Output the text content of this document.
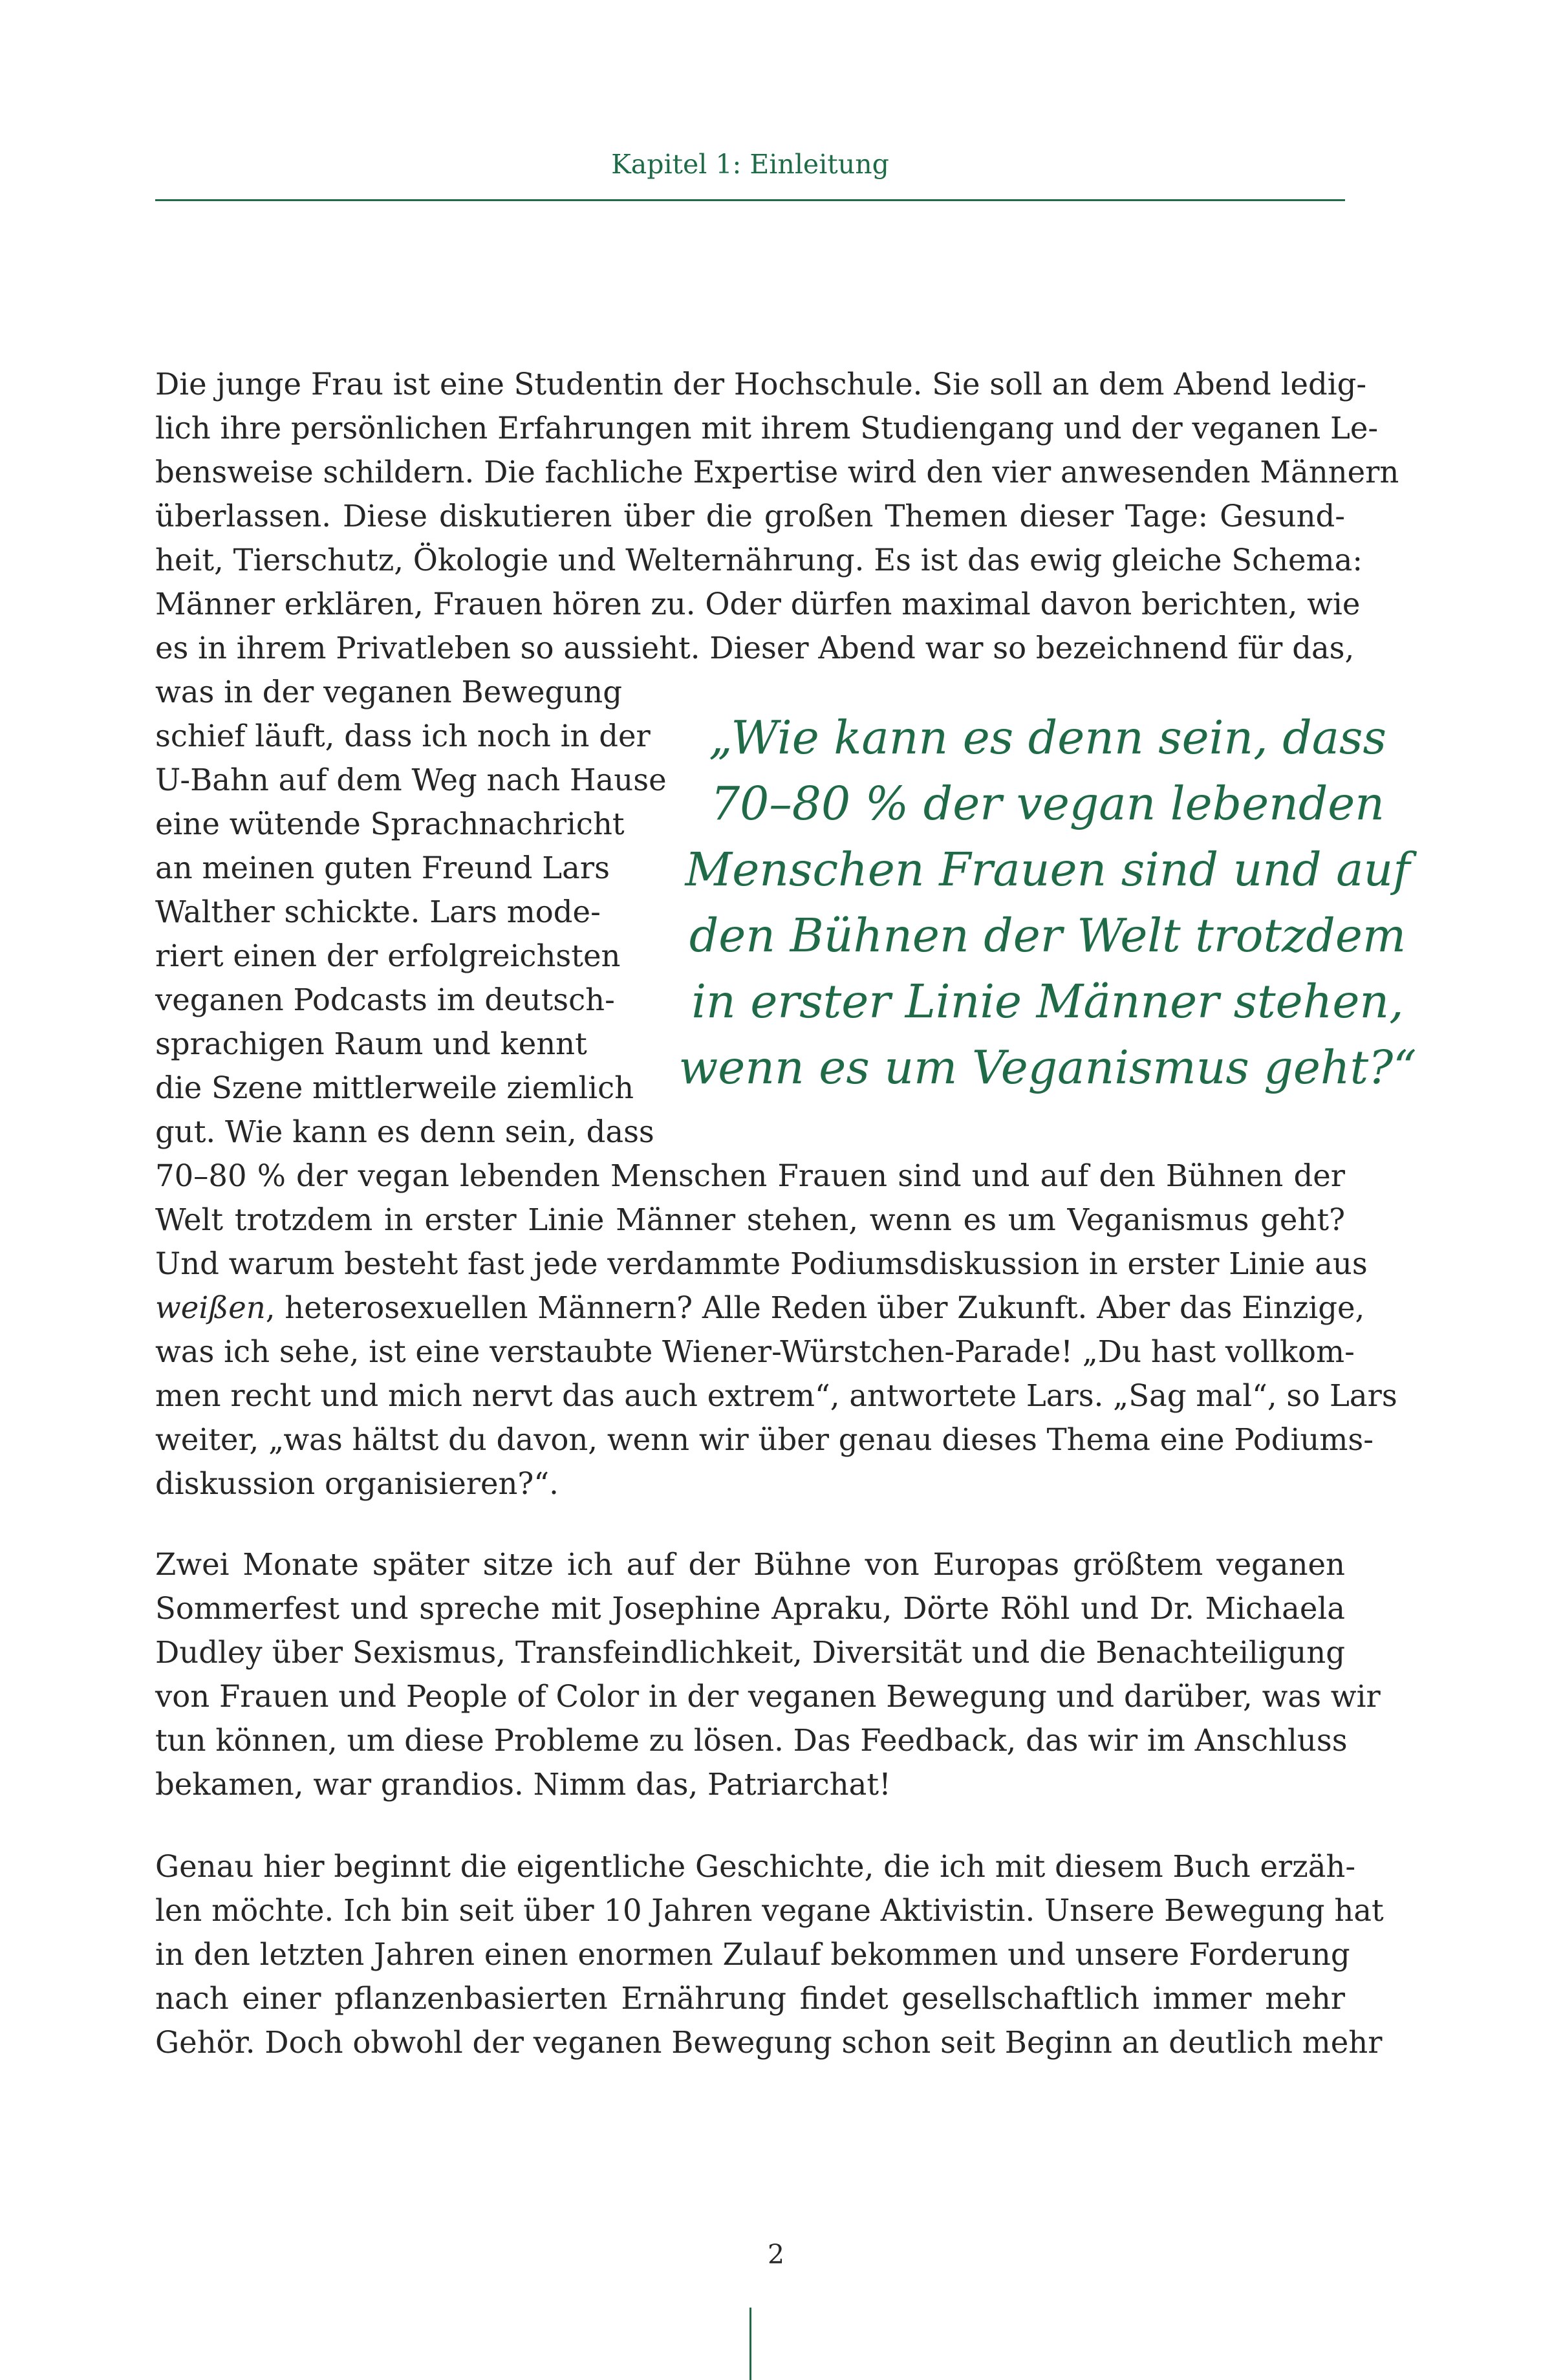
Kapitel 1: Einleitung
Die junge Frau ist eine Studentin der Hochschule. Sie soll an dem Abend ledig-
lich ihre persönlichen Erfahrungen mit ihrem Studiengang und der veganen Le-
bensweise schildern. Die fachliche Expertise wird den vier anwesenden Männern
überlassen. Diese diskutieren über die großen Themen dieser Tage: Gesund-
heit, Tierschutz, Ökologie und Welternährung. Es ist das ewig gleiche Schema:
Männer erklären, Frauen hören zu. Oder dürfen maximal davon berichten, wie
es in ihrem Privatleben so aussieht. Dieser Abend war so bezeichnend für das,
was in der veganen Bewegung
schief läuft, dass ich noch in der
U-Bahn auf dem Weg nach Hause
eine wütende Sprachnachricht
an meinen guten Freund Lars
Walther schickte. Lars mode-
riert einen der erfolgreichsten
veganen Podcasts im deutsch-
sprachigen Raum und kennt
die Szene mittlerweile ziemlich
gut. Wie kann es denn sein, dass
„Wie kann es denn sein, dass
70–80 % der vegan lebenden
Menschen Frauen sind und auf
den Bühnen der Welt trotzdem
in erster Linie Männer stehen,
wenn es um Veganismus geht?“
70–80 % der vegan lebenden Menschen Frauen sind und auf den Bühnen der
Welt trotzdem in erster Linie Männer stehen, wenn es um Veganismus geht?
Und warum besteht fast jede verdammte Podiumsdiskussion in erster Linie aus
weißen, heterosexuellen Männern? Alle Reden über Zukunft. Aber das Einzige,
was ich sehe, ist eine verstaubte Wiener-Würstchen-Parade! „Du hast vollkom-
men recht und mich nervt das auch extrem“, antwortete Lars. „Sag mal“, so Lars
weiter, „was hältst du davon, wenn wir über genau dieses Thema eine Podiums-
diskussion organisieren?“.
Zwei Monate später sitze ich auf der Bühne von Europas größtem veganen
Sommerfest und spreche mit Josephine Apraku, Dörte Röhl und Dr. Michaela
Dudley über Sexismus, Transfeindlichkeit, Diversität und die Benachteiligung
von Frauen und People of Color in der veganen Bewegung und darüber, was wir
tun können, um diese Probleme zu lösen. Das Feedback, das wir im Anschluss
bekamen, war grandios. Nimm das, Patriarchat!
Genau hier beginnt die eigentliche Geschichte, die ich mit diesem Buch erzäh-
len möchte. Ich bin seit über 10 Jahren vegane Aktivistin. Unsere Bewegung hat
in den letzten Jahren einen enormen Zulauf bekommen und unsere Forderung
nach einer pflanzenbasierten Ernährung findet gesellschaftlich immer mehr
Gehör. Doch obwohl der veganen Bewegung schon seit Beginn an deutlich mehr
2
